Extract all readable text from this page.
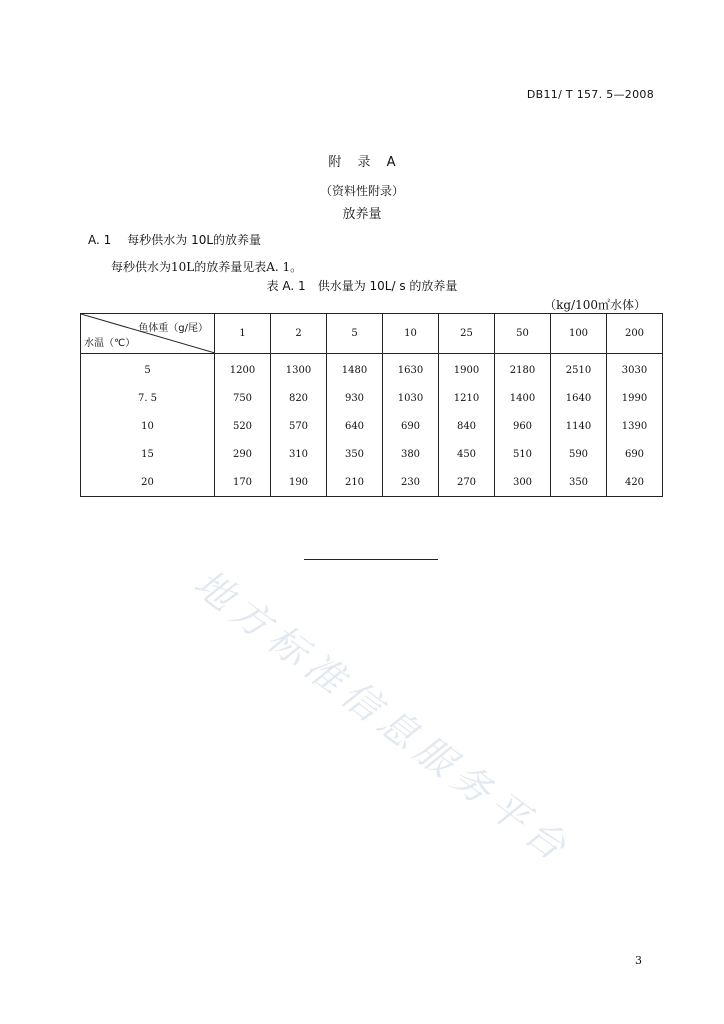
DB11/ T 157. 5—2008
附 录 A
（资料性附录）
放养量
A. 1 每秒供水为 10L的放养量
每秒供水为10L的放养量见表A. 1。
表 A. 1 供水量为 10L/ s 的放养量
（kg/100㎡水体）
鱼体重（g/尾）
水温（℃）	1	2	5	10	25	50	100	200
5	1200	1300	1480	1630	1900	2180	2510	3030
7. 5	750	820	930	1030	1210	1400	1640	1990
10	520	570	640	690	840	960	1140	1390
15	290	310	350	380	450	510	590	690
20	170	190	210	230	270	300	350	420
地方标准信息服务平台
3
